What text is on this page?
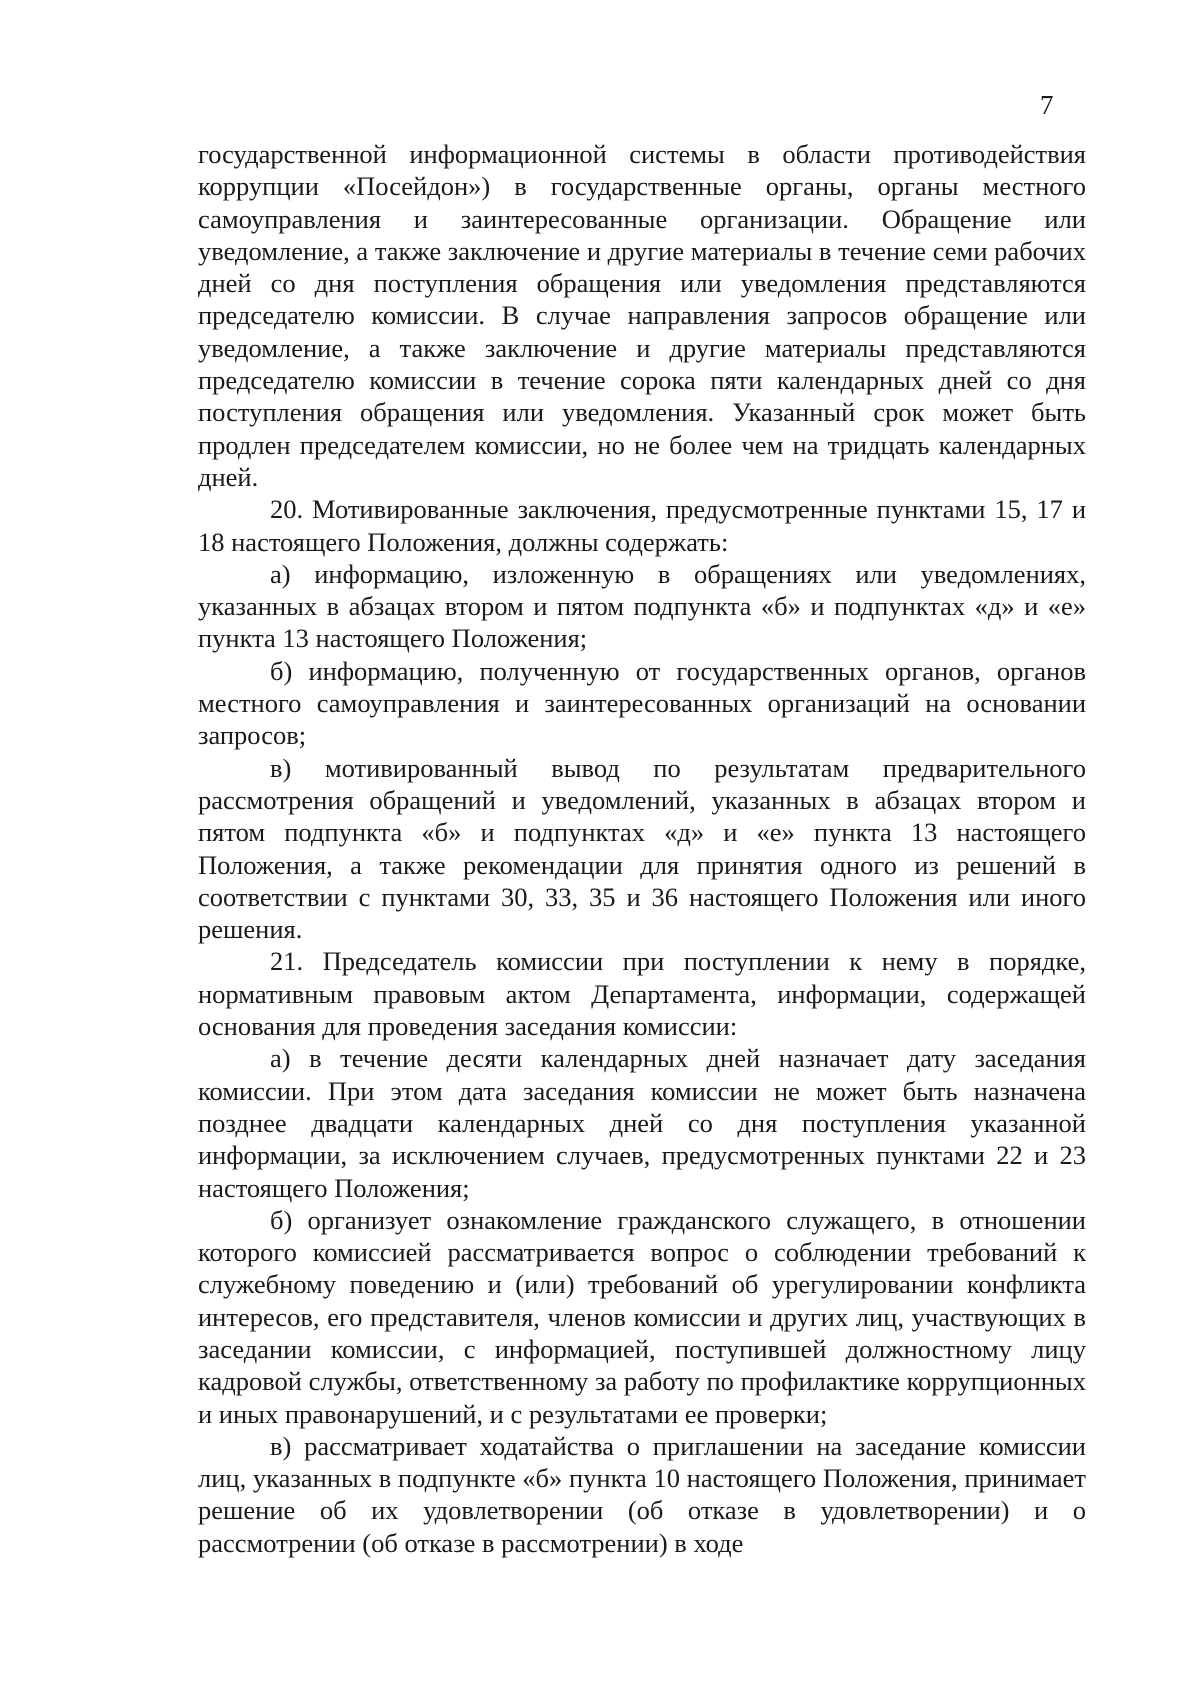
7

государственной информационной системы в области противодействия коррупции «Посейдон») в государственные органы, органы местного самоуправления и заинтересованные организации. Обращение или уведомление, а также заключение и другие материалы в течение семи рабочих дней со дня поступления обращения или уведомления представляются председателю комиссии. В случае направления запросов обращение или уведомление, а также заключение и другие материалы представляются председателю комиссии в течение сорока пяти календарных дней со дня поступления обращения или уведомления. Указанный срок может быть продлен председателем комиссии, но не более чем на тридцать календарных дней.

20. Мотивированные заключения, предусмотренные пунктами 15, 17 и 18 настоящего Положения, должны содержать:

а) информацию, изложенную в обращениях или уведомлениях, указанных в абзацах втором и пятом подпункта «б» и подпунктах «д» и «е» пункта 13 настоящего Положения;

б) информацию, полученную от государственных органов, органов местного самоуправления и заинтересованных организаций на основании запросов;

в) мотивированный вывод по результатам предварительного рассмотрения обращений и уведомлений, указанных в абзацах втором и пятом подпункта «б» и подпунктах «д» и «е» пункта 13 настоящего Положения, а также рекомендации для принятия одного из решений в соответствии с пунктами 30, 33, 35 и 36 настоящего Положения или иного решения.

21. Председатель комиссии при поступлении к нему в порядке, нормативным правовым актом Департамента, информации, содержащей основания для проведения заседания комиссии:

а) в течение десяти календарных дней назначает дату заседания комиссии. При этом дата заседания комиссии не может быть назначена позднее двадцати календарных дней со дня поступления указанной информации, за исключением случаев, предусмотренных пунктами 22 и 23 настоящего Положения;

б) организует ознакомление гражданского служащего, в отношении которого комиссией рассматривается вопрос о соблюдении требований к служебному поведению и (или) требований об урегулировании конфликта интересов, его представителя, членов комиссии и других лиц, участвующих в заседании комиссии, с информацией, поступившей должностному лицу кадровой службы, ответственному за работу по профилактике коррупционных и иных правонарушений, и с результатами ее проверки;

в) рассматривает ходатайства о приглашении на заседание комиссии лиц, указанных в подпункте «б» пункта 10 настоящего Положения, принимает решение об их удовлетворении (об отказе в удовлетворении) и о рассмотрении (об отказе в рассмотрении) в ходе
